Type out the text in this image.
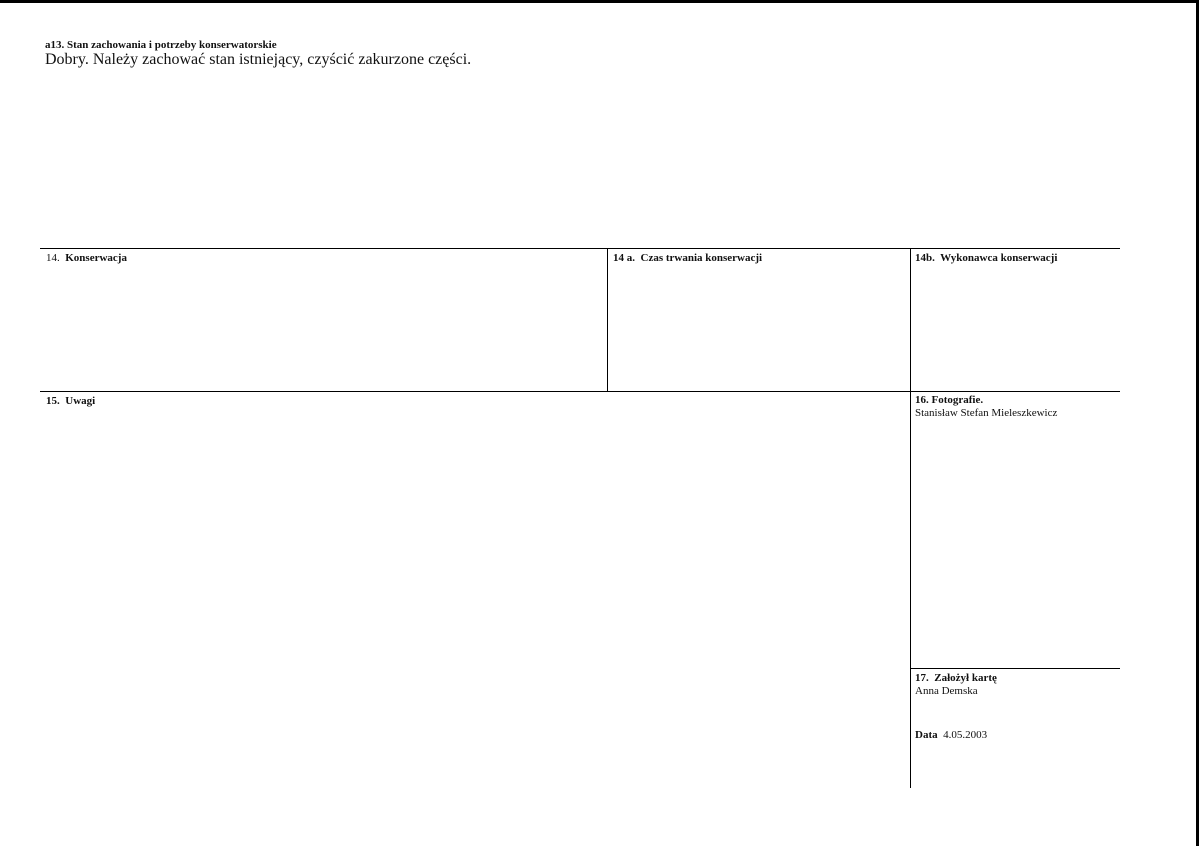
a13. Stan zachowania i potrzeby konserwatorskie
Dobry. Należy zachować stan istniejący, czyścić zakurzone części.
14. Konserwacja	14 a.  Czas trwania konserwacji	14b.  Wykonawca konserwacji
15.  Uwagi	16. Fotografie.
Stanisław Stefan Mieleszkewicz
17.  Założył kartę
Anna Demska
Data 4.05.2003
